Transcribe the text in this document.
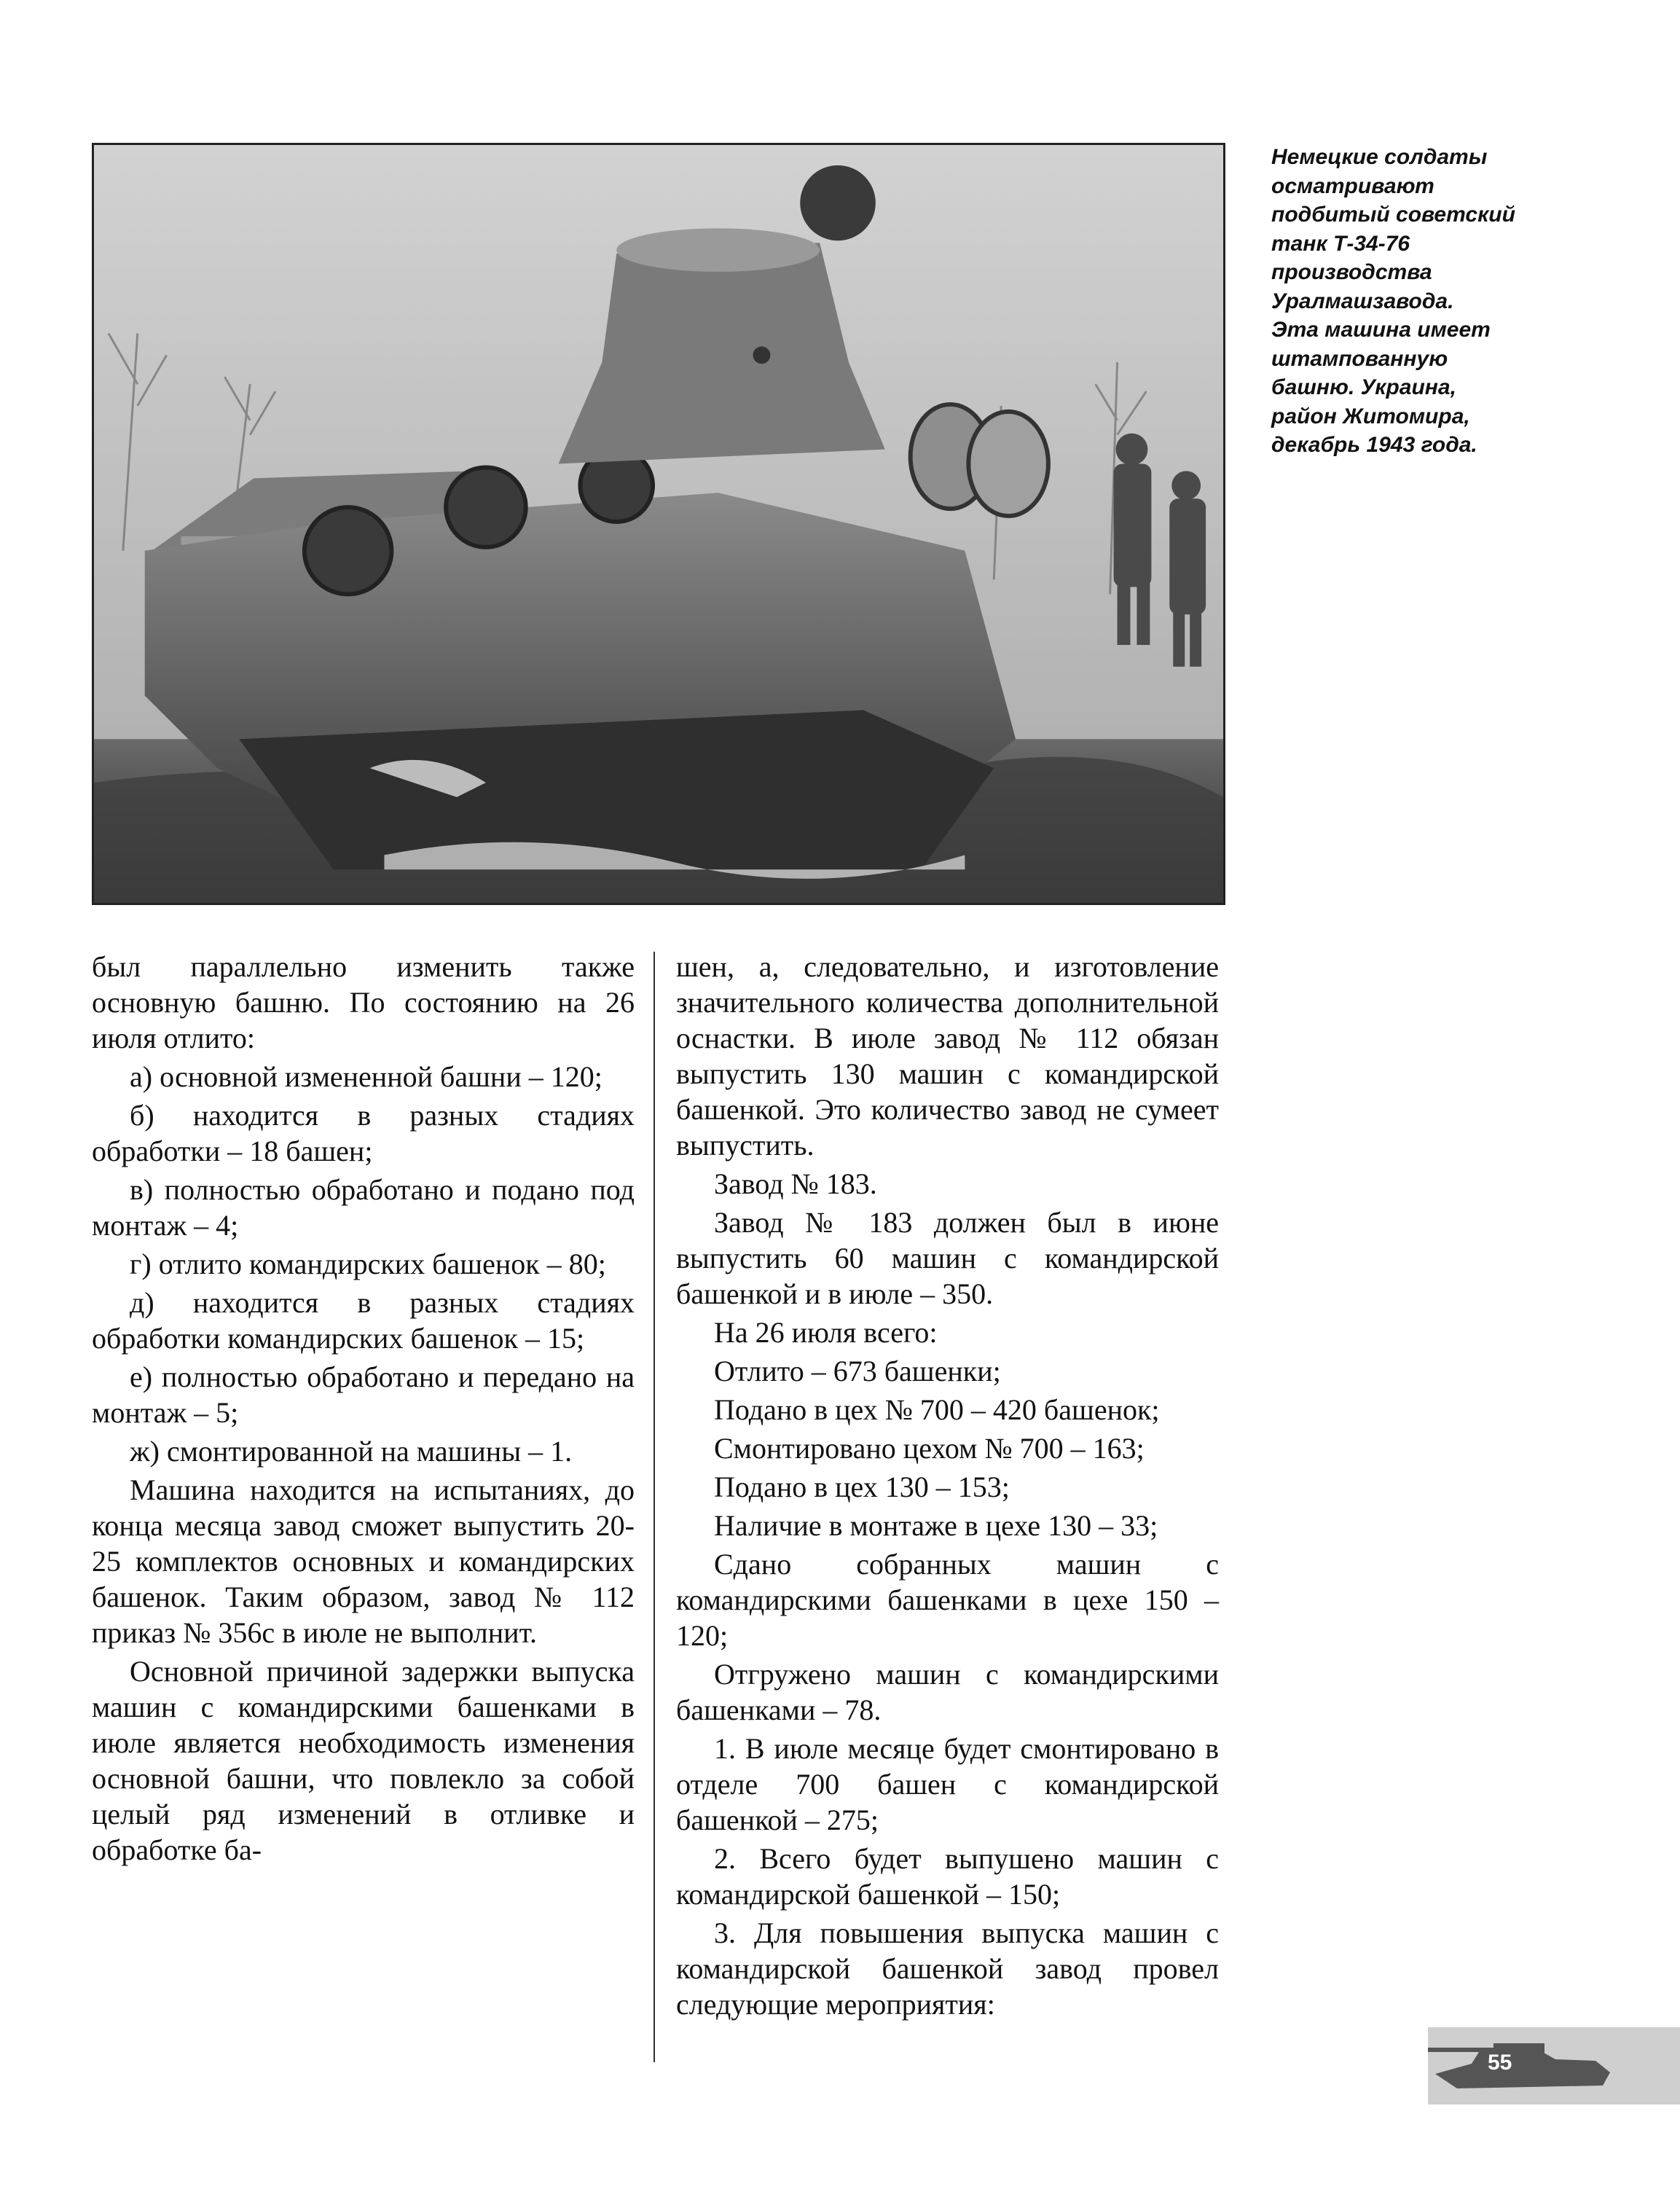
Немецкие солдаты
осматривают
подбитый советский
танк Т-34-76
производства
Уралмашзавода.
Эта машина имеет
штампованную
башню. Украина,
район Житомира,
декабрь 1943 года.

был параллельно изменить также основную башню. По состоянию на 26 июля отлито:

а) основной измененной башни – 120;

б) находится в разных стадиях обработки – 18 башен;

в) полностью обработано и подано под монтаж – 4;

г) отлито командирских башенок – 80;

д) находится в разных стадиях обработки командирских башенок – 15;

е) полностью обработано и передано на монтаж – 5;

ж) смонтированной на машины – 1.

Машина находится на испытаниях, до конца месяца завод сможет выпустить 20-25 комплектов основных и командирских башенок. Таким образом, завод № 112 приказ № 356с в июле не выполнит.

Основной причиной задержки выпуска машин с командирскими башенками в июле является необходимость изменения основной башни, что повлекло за собой целый ряд изменений в отливке и обработке ба-

шен, а, следовательно, и изготовление значительного количества дополнительной оснастки. В июле завод № 112 обязан выпустить 130 машин с командирской башенкой. Это количество завод не сумеет выпустить.

Завод № 183.

Завод № 183 должен был в июне выпустить 60 машин с командирской башенкой и в июле – 350.

На 26 июля всего:

Отлито – 673 башенки;

Подано в цех № 700 – 420 башенок;

Смонтировано цехом № 700 – 163;

Подано в цех 130 – 153;

Наличие в монтаже в цехе 130 – 33;

Сдано собранных машин с командирскими башенками в цехе 150 – 120;

Отгружено машин с командирскими башенками – 78.

1. В июле месяце будет смонтировано в отделе 700 башен с командирской башенкой – 275;

2. Всего будет выпушено машин с командирской башенкой – 150;

3. Для повышения выпуска машин с командирской башенкой завод провел следующие мероприятия:

55
